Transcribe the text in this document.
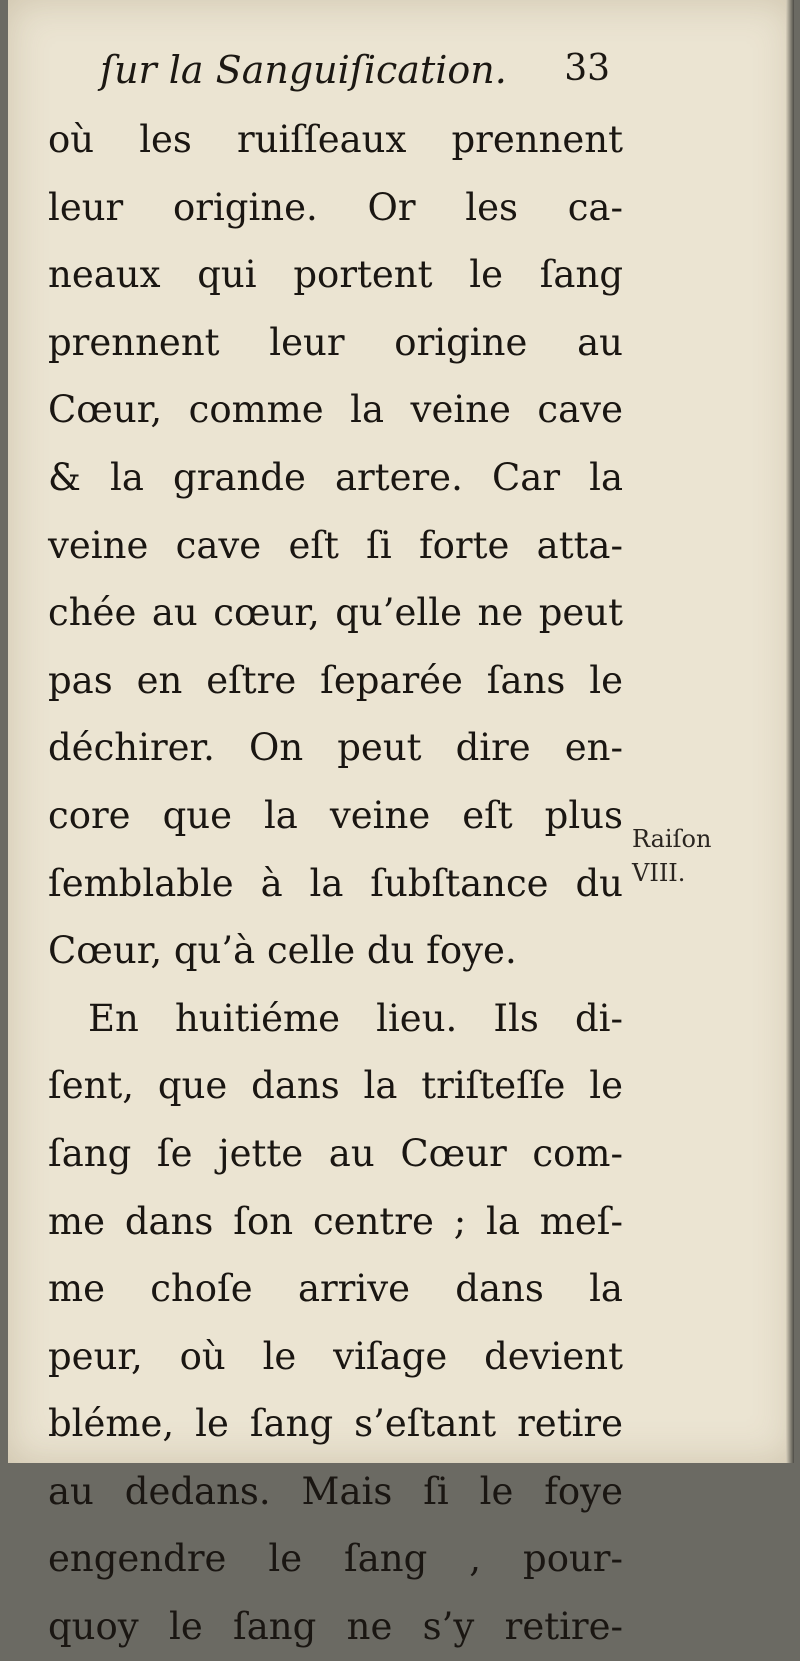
ſur la Sanguiſication. 33
où les ruiſſeaux prennent
leur origine. Or les ca-
neaux qui portent le ſang
prennent leur origine au
Cœur, comme la veine cave
& la grande artere. Car la
veine cave eſt ſi forte atta-
chée au cœur, qu’elle ne peut
pas en eſtre ſeparée ſans le
déchirer. On peut dire en-
core que la veine eſt plus
ſemblable à la ſubſtance du
Cœur, qu’à celle du foye.
En huitiéme lieu. Ils di-
ſent, que dans la triſteſſe le
ſang ſe jette au Cœur com-
me dans ſon centre ; la meſ-
me choſe arrive dans la
peur, où le viſage devient
bléme, le ſang s’eſtant retire
au dedans. Mais ſi le foye
engendre le ſang , pour-
quoy le ſang ne s’y retire-
Raiſon
VIII.
